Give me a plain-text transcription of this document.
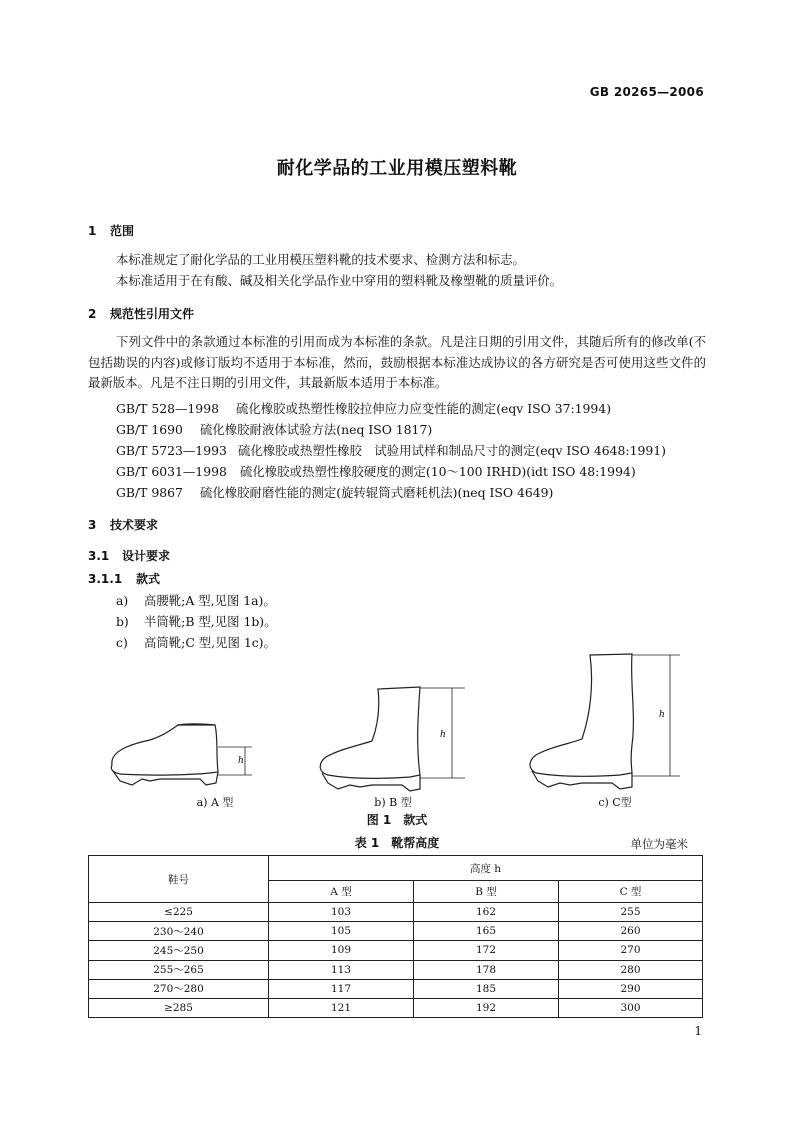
GB 20265—2006
耐化学品的工业用模压塑料靴
1 范围
本标准规定了耐化学品的工业用模压塑料靴的技术要求、检测方法和标志。
本标准适用于在有酸、碱及相关化学品作业中穿用的塑料靴及橡塑靴的质量评价。
2 规范性引用文件
下列文件中的条款通过本标准的引用而成为本标准的条款。凡是注日期的引用文件，其随后所有的修改单(不包括勘误的内容)或修订版均不适用于本标准，然而，鼓励根据本标准达成协议的各方研究是否可使用这些文件的最新版本。凡是不注日期的引用文件，其最新版本适用于本标准。
GB/T 528—1998 硫化橡胶或热塑性橡胶拉伸应力应变性能的测定(eqv ISO 37:1994)
GB/T 1690 硫化橡胶耐液体试验方法(neq ISO 1817)
GB/T 5723—1993 硫化橡胶或热塑性橡胶　试验用试样和制品尺寸的测定(eqv ISO 4648:1991)
GB/T 6031—1998 硫化橡胶或热塑性橡胶硬度的测定(10～100 IRHD)(idt ISO 48:1994)
GB/T 9867 硫化橡胶耐磨性能的测定(旋转辊筒式磨耗机法)(neq ISO 4649)
3 技术要求
3.1 设计要求
3.1.1 款式
a) 高腰靴;A 型,见图 1a)。
b) 半筒靴;B 型,见图 1b)。
c) 高筒靴;C 型,见图 1c)。
h
h
h
a) A 型	b) B 型	c) C型
图 1　款式
表 1　靴帮高度	单位为毫米
鞋号	高度 h		
	A 型	B 型	C 型
≤225	103	162	255
230～240	105	165	260
245～250	109	172	270
255～265	113	178	280
270～280	117	185	290
≥285	121	192	300
1
